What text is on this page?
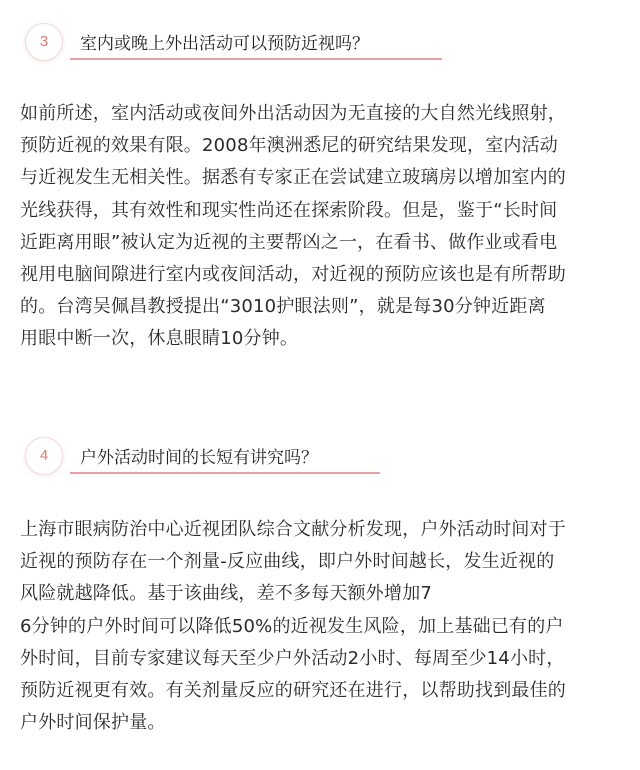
3	室内或晚上外出活动可以预防近视吗？

如前所述，室内活动或夜间外出活动因为无直接的大自然光线照射，
预防近视的效果有限。2008年澳洲悉尼的研究结果发现，室内活动
与近视发生无相关性。据悉有专家正在尝试建立玻璃房以增加室内的
光线获得，其有效性和现实性尚还在探索阶段。但是，鉴于“长时间
近距离用眼”被认定为近视的主要帮凶之一，在看书、做作业或看电
视用电脑间隙进行室内或夜间活动，对近视的预防应该也是有所帮助
的。台湾吴佩昌教授提出“3010护眼法则”，就是每30分钟近距离
用眼中断一次，休息眼睛10分钟。

4	户外活动时间的长短有讲究吗？

上海市眼病防治中心近视团队综合文献分析发现，户外活动时间对于
近视的预防存在一个剂量-反应曲线，即户外时间越长，发生近视的
风险就越降低。基于该曲线，差不多每天额外增加7
6分钟的户外时间可以降低50%的近视发生风险，加上基础已有的户
外时间，目前专家建议每天至少户外活动2小时、每周至少14小时，
预防近视更有效。有关剂量反应的研究还在进行，以帮助找到最佳的
户外时间保护量。
